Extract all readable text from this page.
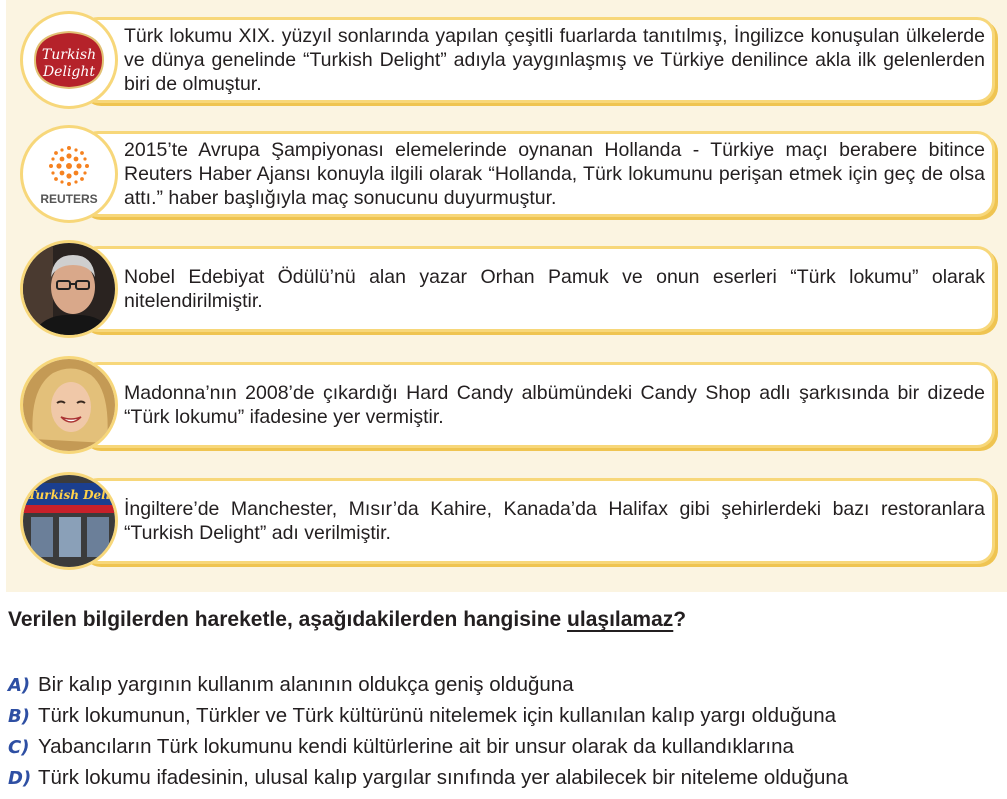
Turkish
Delight
Türk lokumu XIX. yüzyıl sonlarında yapılan çeşitli fuarlarda tanıtılmış, İngilizce konuşulan ülkelerde ve dünya genelinde “Turkish Delight” adıyla yaygınlaşmış ve Türkiye denilince akla ilk gelenlerden biri de olmuştur.
REUTERS
2015’te Avrupa Şampiyonası elemelerinde oynanan Hollanda - Türkiye maçı berabere bitince Reuters Haber Ajansı konuyla ilgili olarak “Hollanda, Türk lokumunu perişan etmek için geç de olsa attı.” haber başlığıyla maç sonucunu duyurmuştur.
Nobel Edebiyat Ödülü’nü alan yazar Orhan Pamuk ve onun eserleri “Türk lokumu” olarak nitelendirilmiştir.
Madonna’nın 2008’de çıkardığı Hard Candy albümündeki Candy Shop adlı şarkısında bir dizede “Türk lokumu” ifadesine yer vermiştir.
Turkish Deli
İngiltere’de Manchester, Mısır’da Kahire, Kanada’da Halifax gibi şehirlerdeki bazı restoranlara “Turkish Delight” adı verilmiştir.
Verilen bilgilerden hareketle, aşağıdakilerden hangisine ulaşılamaz?
A) Bir kalıp yargının kullanım alanının oldukça geniş olduğuna
B) Türk lokumunun, Türkler ve Türk kültürünü nitelemek için kullanılan kalıp yargı olduğuna
C) Yabancıların Türk lokumunu kendi kültürlerine ait bir unsur olarak da kullandıklarına
D) Türk lokumu ifadesinin, ulusal kalıp yargılar sınıfında yer alabilecek bir niteleme olduğuna
